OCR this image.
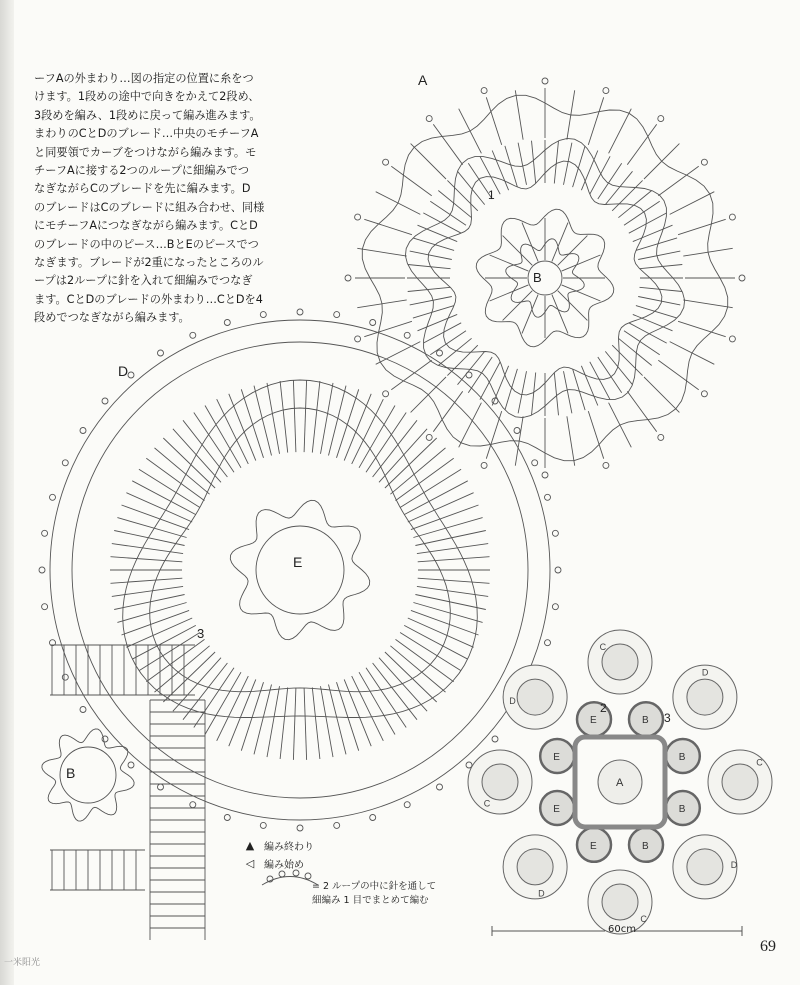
ーフAの外まわり…図の指定の位置に糸をつ

けます。1段めの途中で向きをかえて2段め、

3段めを編み、1段めに戻って編み進みます。

まわりのCとDのブレード…中央のモチーフA

と同要領でカーブをつけながら編みます。モ

チーフAに接する2つのループに細編みでつ

なぎながらCのブレードを先に編みます。D

のブレードはCのブレードに組み合わせ、同様

にモチーフAにつなぎながら編みます。CとD

のブレードの中のピース…BとEのピースでつ

なぎます。ブレードが2重になったところのル

ープは2ループに針を入れて細編みでつなぎ

ます。CとDのブレードの外まわり…CとDを4

段めでつなぎながら編みます。

C
D
C
D
C
D
C
D
B
B
B
B
E
E
E
E
A
2
3
A
1
B
D
E
B
3
▲ 編み終わり
◁ 編み始め
= 2 ループの中に針を通して
細編み 1 目でまとめて編む
60cm
69
一米阳光
